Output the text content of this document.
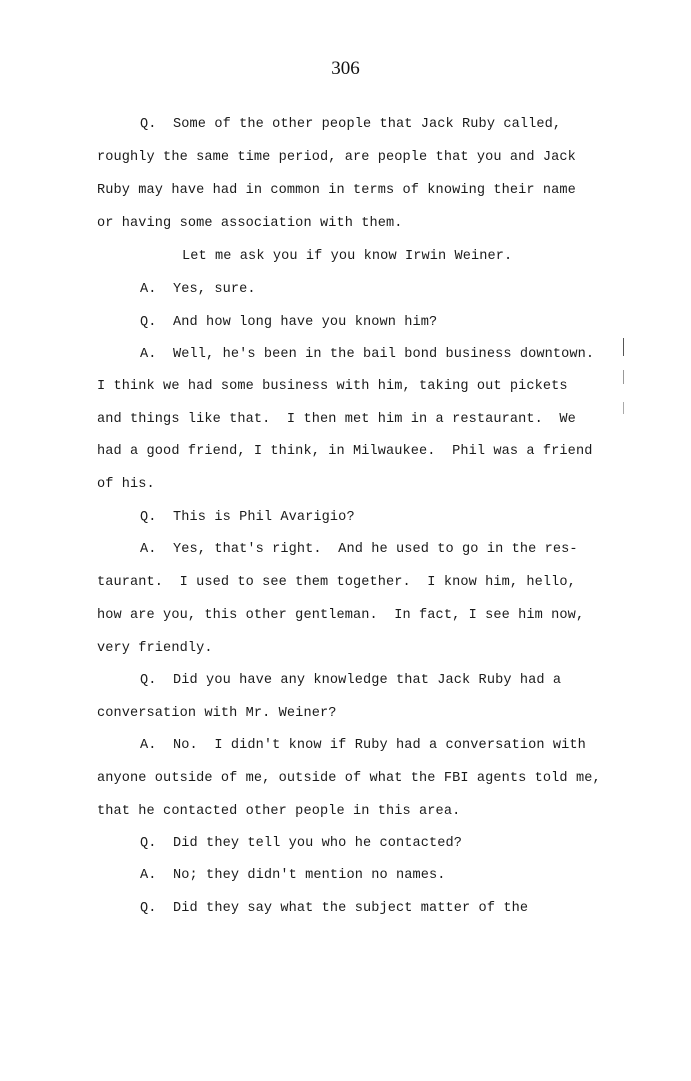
306
Q.  Some of the other people that Jack Ruby called,
roughly the same time period, are people that you and Jack
Ruby may have had in common in terms of knowing their name
or having some association with them.
Let me ask you if you know Irwin Weiner.
A.  Yes, sure.
Q.  And how long have you known him?
A.  Well, he's been in the bail bond business downtown.
I think we had some business with him, taking out pickets
and things like that.  I then met him in a restaurant.  We
had a good friend, I think, in Milwaukee.  Phil was a friend
of his.
Q.  This is Phil Avarigio?
A.  Yes, that's right.  And he used to go in the res-
taurant.  I used to see them together.  I know him, hello,
how are you, this other gentleman.  In fact, I see him now,
very friendly.
Q.  Did you have any knowledge that Jack Ruby had a
conversation with Mr. Weiner?
A.  No.  I didn't know if Ruby had a conversation with
anyone outside of me, outside of what the FBI agents told me,
that he contacted other people in this area.
Q.  Did they tell you who he contacted?
A.  No; they didn't mention no names.
Q.  Did they say what the subject matter of the
